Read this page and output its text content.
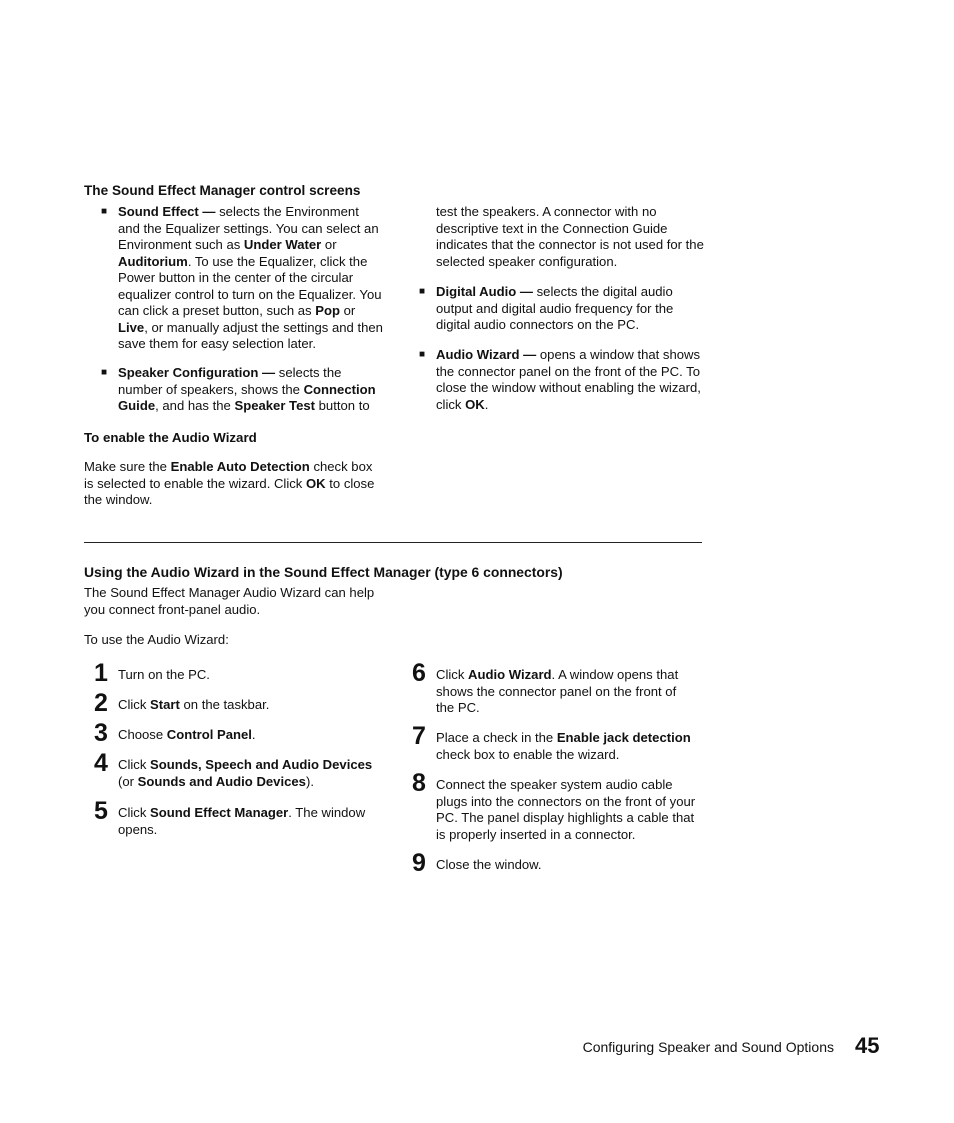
The Sound Effect Manager control screens

■ Sound Effect — selects the Environment and the Equalizer settings. You can select an Environment such as Under Water or Auditorium. To use the Equalizer, click the Power button in the center of the circular equalizer control to turn on the Equalizer. You can click a preset button, such as Pop or Live, or manually adjust the settings and then save them for easy selection later.

■ Speaker Configuration — selects the number of speakers, shows the Connection Guide, and has the Speaker Test button to

test the speakers. A connector with no descriptive text in the Connection Guide indicates that the connector is not used for the selected speaker configuration.

■ Digital Audio — selects the digital audio output and digital audio frequency for the digital audio connectors on the PC.

■ Audio Wizard — opens a window that shows the connector panel on the front of the PC. To close the window without enabling the wizard, click OK.

To enable the Audio Wizard

Make sure the Enable Auto Detection check box is selected to enable the wizard. Click OK to close the window.

Using the Audio Wizard in the Sound Effect Manager (type 6 connectors)

The Sound Effect Manager Audio Wizard can help you connect front-panel audio.

To use the Audio Wizard:

1 Turn on the PC.

2 Click Start on the taskbar.

3 Choose Control Panel.

4 Click Sounds, Speech and Audio Devices (or Sounds and Audio Devices).

5 Click Sound Effect Manager. The window opens.

6 Click Audio Wizard. A window opens that shows the connector panel on the front of the PC.

7 Place a check in the Enable jack detection check box to enable the wizard.

8 Connect the speaker system audio cable plugs into the connectors on the front of your PC. The panel display highlights a cable that is properly inserted in a connector.

9 Close the window.

Configuring Speaker and Sound Options 45
